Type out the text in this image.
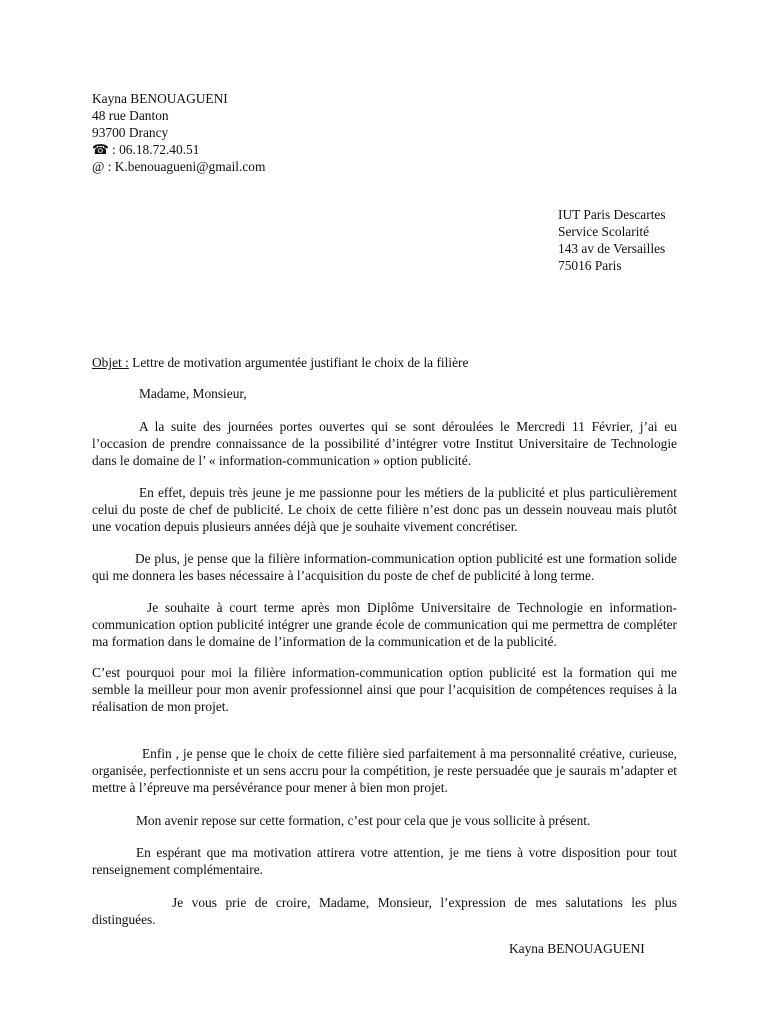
Kayna BENOUAGUENI
48 rue Danton
93700 Drancy
☎ : 06.18.72.40.51
@ : K.benouagueni@gmail.com
IUT Paris Descartes
Service Scolarité
143 av de Versailles
75016 Paris
Objet : Lettre de motivation argumentée justifiant le choix de la filière
Madame, Monsieur,
A la suite des journées portes ouvertes qui se sont déroulées le Mercredi 11 Février, j’ai eu l’occasion de prendre connaissance de la possibilité d’intégrer votre Institut Universitaire de Technologie dans le domaine de l’ « information-communication » option publicité.
En effet, depuis très jeune je me passionne pour les métiers de la publicité et plus particulièrement celui du poste de chef de publicité. Le choix de cette filière n’est donc pas un dessein nouveau mais plutôt une vocation depuis plusieurs années déjà que je souhaite vivement concrétiser.
De plus, je pense que la filière information-communication option publicité est une formation solide qui me donnera les bases nécessaire à l’acquisition du poste de chef de publicité à long terme.
Je souhaite à court terme après mon Diplôme Universitaire de Technologie en information-communication option publicité intégrer une grande école de communication qui me permettra de compléter ma formation dans le domaine de l’information de la communication et de la publicité.
C’est pourquoi pour moi la filière information-communication option publicité est la formation qui me semble la meilleur pour mon avenir professionnel ainsi que pour l’acquisition de compétences requises à la réalisation de mon projet.
Enfin , je pense que le choix de cette filière sied parfaitement à ma personnalité créative, curieuse, organisée, perfectionniste et un sens accru pour la compétition, je reste persuadée que je saurais m’adapter et mettre à l’épreuve ma persévérance pour mener à bien mon projet.
Mon avenir repose sur cette formation, c’est pour cela que je vous sollicite à présent.
En espérant que ma motivation attirera votre attention, je me tiens à votre disposition pour tout renseignement complémentaire.
Je vous prie de croire, Madame, Monsieur, l’expression de mes salutations les plus distinguées.
Kayna BENOUAGUENI
